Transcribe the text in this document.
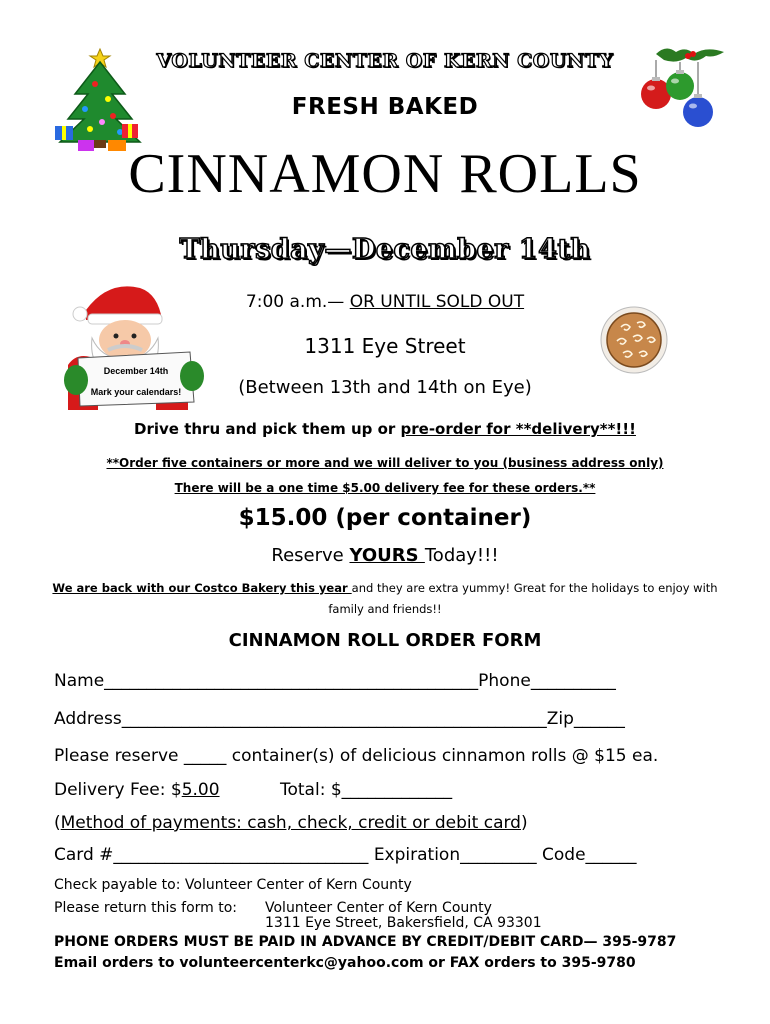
December 14th
Mark your calendars!
VOLUNTEER CENTER OF KERN COUNTY
FRESH BAKED
CINNAMON ROLLS
Thursday—December 14th
7:00 a.m.— OR UNTIL SOLD OUT
1311 Eye Street
(Between 13th and 14th on Eye)
Drive thru and pick them up or pre-order for **delivery**!!!
**Order five containers or more and we will deliver to you (business address only)
There will be a one time $5.00 delivery fee for these orders.**
$15.00 (per container)
Reserve YOURS Today!!!
We are back with our Costco Bakery this year and they are extra yummy! Great for the holidays to enjoy with family and friends!!
CINNAMON ROLL ORDER FORM
Name____________________________________________Phone__________
Address__________________________________________________Zip______
Please reserve _____ container(s) of delicious cinnamon rolls @ $15 ea.
Delivery Fee: $5.00	Total: $_____________
(Method of payments: cash, check, credit or debit card)
Card #______________________________ Expiration_________ Code______
Check payable to: Volunteer Center of Kern County
Please return this form to: Volunteer Center of Kern County
1311 Eye Street, Bakersfield, CA 93301
PHONE ORDERS MUST BE PAID IN ADVANCE BY CREDIT/DEBIT CARD— 395-9787
Email orders to volunteercenterkc@yahoo.com or FAX orders to 395-9780
